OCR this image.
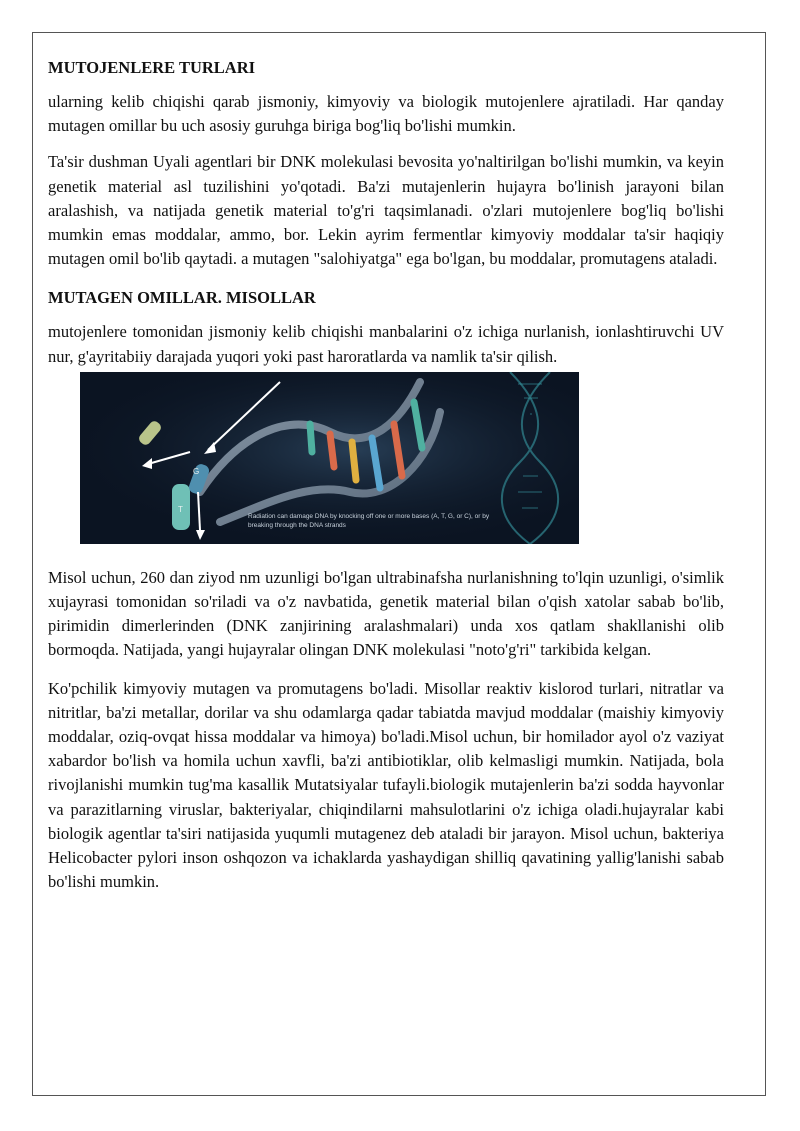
MUTOJENLERE TURLARI

ularning kelib chiqishi qarab jismoniy, kimyoviy va biologik mutojenlere ajratiladi. Har qanday mutagen omillar bu uch asosiy guruhga biriga bog'liq bo'lishi mumkin.

Ta'sir dushman Uyali agentlari bir DNK molekulasi bevosita yo'naltirilgan bo'lishi mumkin, va keyin genetik material asl tuzilishini yo'qotadi. Ba'zi mutajenlerin hujayra bo'linish jarayoni bilan aralashish, va natijada genetik material to'g'ri taqsimlanadi. o'zlari mutojenlere bog'liq bo'lishi mumkin emas moddalar, ammo, bor. Lekin ayrim fermentlar kimyoviy moddalar ta'sir haqiqiy mutagen omil bo'lib qaytadi. a mutagen "salohiyatga" ega bo'lgan, bu moddalar, promutagens ataladi.

MUTAGEN OMILLAR. MISOLLAR

mutojenlere tomonidan jismoniy kelib chiqishi manbalarini o'z ichiga nurlanish, ionlashtiruvchi UV nur, g'ayritabiiy darajada yuqori yoki past haroratlarda va namlik ta'sir qilish.

T
G
Radiation can damage DNA by knocking off one or more bases (A, T, G, or C), or by breaking through the DNA strands

Misol uchun, 260 dan ziyod nm uzunligi bo'lgan ultrabinafsha nurlanishning to'lqin uzunligi, o'simlik xujayrasi tomonidan so'riladi va o'z navbatida, genetik material bilan o'qish xatolar sabab bo'lib, pirimidin dimerlerinden (DNK zanjirining aralashmalari) unda xos qatlam shakllanishi olib bormoqda. Natijada, yangi hujayralar olingan DNK molekulasi "noto'g'ri" tarkibida kelgan.

Ko'pchilik kimyoviy mutagen va promutagens bo'ladi. Misollar reaktiv kislorod turlari, nitratlar va nitritlar, ba'zi metallar, dorilar va shu odamlarga qadar tabiatda mavjud moddalar (maishiy kimyoviy moddalar, oziq-ovqat hissa moddalar va himoya) bo'ladi.Misol uchun, bir homilador ayol o'z vaziyat xabardor bo'lish va homila uchun xavfli, ba'zi antibiotiklar, olib kelmasligi mumkin. Natijada, bola rivojlanishi mumkin tug'ma kasallik Mutatsiyalar tufayli.biologik mutajenlerin ba'zi sodda hayvonlar va parazitlarning viruslar, bakteriyalar, chiqindilarni mahsulotlarini o'z ichiga oladi.hujayralar kabi biologik agentlar ta'siri natijasida yuqumli mutagenez deb ataladi bir jarayon. Misol uchun, bakteriya Helicobacter pylori inson oshqozon va ichaklarda yashaydigan shilliq qavatining yallig'lanishi sabab bo'lishi mumkin.
